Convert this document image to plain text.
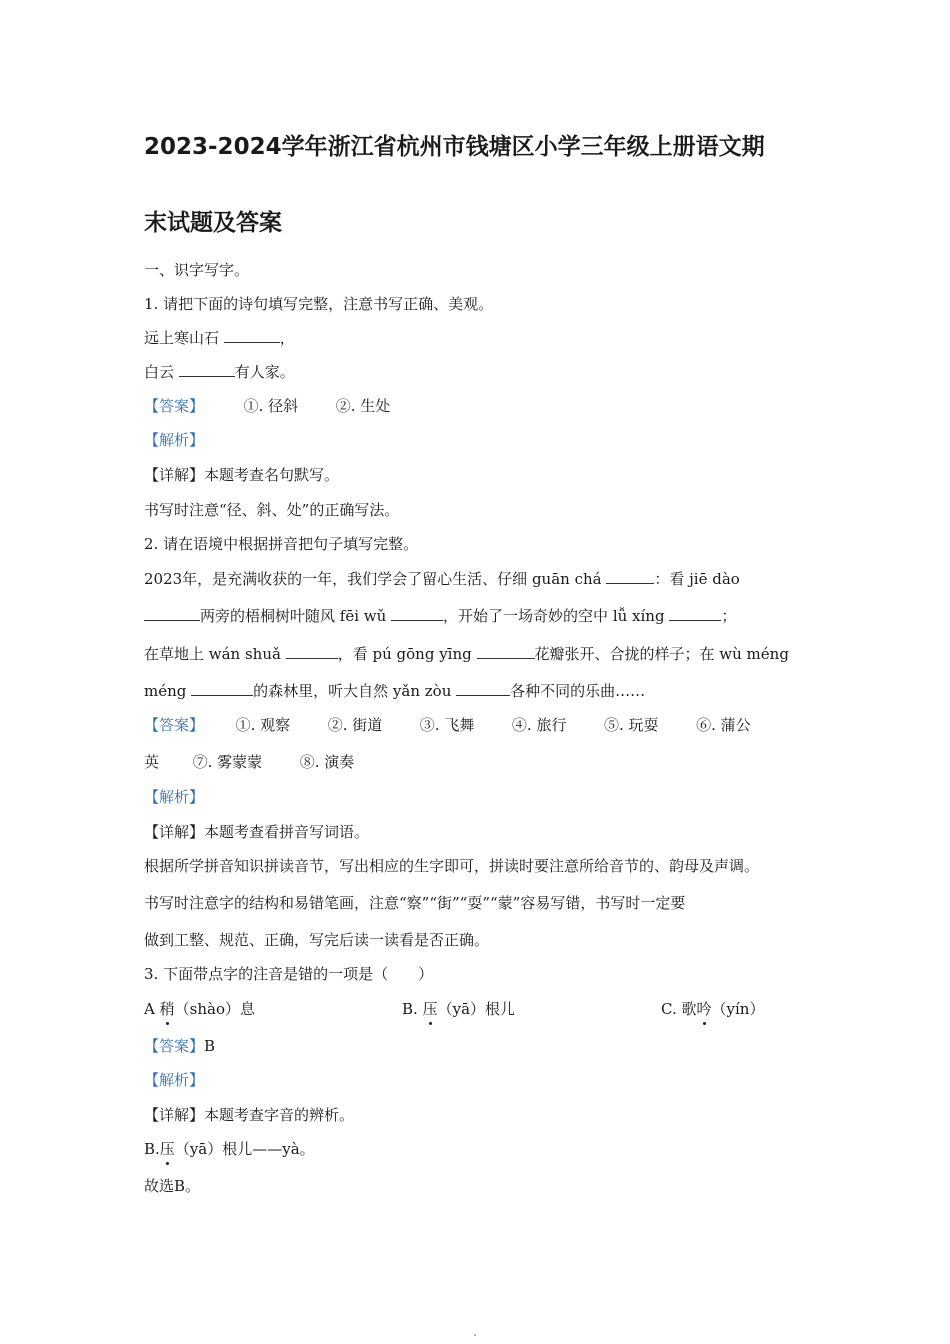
2023-2024学年浙江省杭州市钱塘区小学三年级上册语文期
末试题及答案
一、识字写字。
1. 请把下面的诗句填写完整，注意书写正确、美观。
远上寒山石	，
白云	有人家。
【答案】	①. 径斜	②. 生处
【解析】
【详解】本题考查名句默写。
书写时注意“径、斜、处”的正确写法。
2. 请在语境中根据拼音把句子填写完整。
2023年，是充满收获的一年，我们学会了留心生活、仔细 guān chá	：看 jiē dào
两旁的梧桐树叶随风 fēi wǔ	，开始了一场奇妙的空中 lǚ xíng	；
在草地上 wán shuǎ	，看 pú gōng yīng	花瓣张开、合拢的样子；在 wù méng
méng	的森林里，听大自然 yǎn zòu	各种不同的乐曲……
【答案】 ①. 观察	②. 街道	③. 飞舞	④. 旅行	⑤. 玩耍	⑥. 蒲公
英 ⑦. 雾蒙蒙	⑧. 演奏
【解析】
【详解】本题考查看拼音写词语。
根据所学拼音知识拼读音节，写出相应的生字即可，拼读时要注意所给音节的、韵母及声调。
书写时注意字的结构和易错笔画，注意“察”“街”“耍”“蒙”容易写错，书写时一定要
做到工整、规范、正确，写完后读一读看是否正确。
3. 下面带点字的注音是错的一项是（　　）
A 稍（shào）息	B. 压（yā）根儿	C. 歌吟（yín）
【答案】B
【解析】
【详解】本题考查字音的辨析。
B.压（yā）根儿——yà。
故选B。
